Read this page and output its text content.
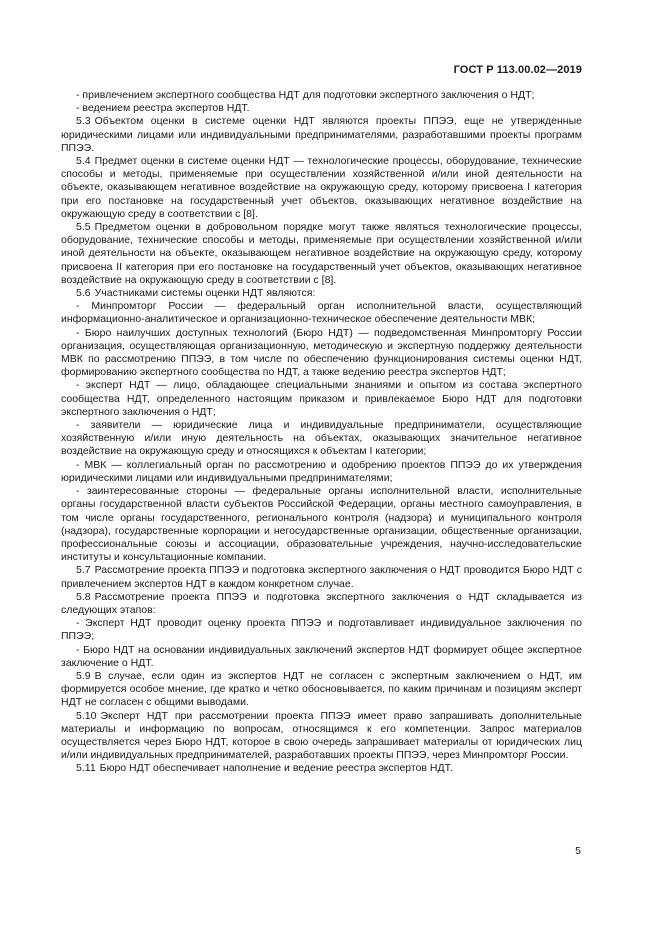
ГОСТ Р 113.00.02—2019

- привлечением экспертного сообщества НДТ для подготовки экспертного заключения о НДТ;

- ведением реестра экспертов НДТ.

5.3 Объектом оценки в системе оценки НДТ являются проекты ППЭЭ, еще не утвержденные юридическими лицами или индивидуальными предпринимателями, разработавшими проекты программ ППЭЭ.

5.4 Предмет оценки в системе оценки НДТ — технологические процессы, оборудование, технические способы и методы, применяемые при осуществлении хозяйственной и/или иной деятельности на объекте, оказывающем негативное воздействие на окружающую среду, которому присвоена I категория при его постановке на государственный учет объектов, оказывающих негативное воздействие на окружающую среду в соответствии с [8].

5.5 Предметом оценки в добровольном порядке могут также являться технологические процессы, оборудование, технические способы и методы, применяемые при осуществлении хозяйственной и/или иной деятельности на объекте, оказывающем негативное воздействие на окружающую среду, которому присвоена II категория при его постановке на государственный учет объектов, оказывающих негативное воздействие на окружающую среду в соответствии с [8].

5.6 Участниками системы оценки НДТ являются:

- Минпромторг России — федеральный орган исполнительной власти, осуществляющий информационно-аналитическое и организационно-техническое обеспечение деятельности МВК;

- Бюро наилучших доступных технологий (Бюро НДТ) — подведомственная Минпромторгу России организация, осуществляющая организационную, методическую и экспертную поддержку деятельности МВК по рассмотрению ППЭЭ, в том числе по обеспечению функционирования системы оценки НДТ, формированию экспертного сообщества по НДТ, а также ведению реестра экспертов НДТ;

- эксперт НДТ — лицо, обладающее специальными знаниями и опытом из состава экспертного сообщества НДТ, определенного настоящим приказом и привлекаемое Бюро НДТ для подготовки экспертного заключения о НДТ;

- заявители — юридические лица и индивидуальные предприниматели, осуществляющие хозяйственную и/или иную деятельность на объектах, оказывающих значительное негативное воздействие на окружающую среду и относящихся к объектам I категории;

- МВК — коллегиальный орган по рассмотрению и одобрению проектов ППЭЭ до их утверждения юридическими лицами или индивидуальными предпринимателями;

- заинтересованные стороны — федеральные органы исполнительной власти, исполнительные органы государственной власти субъектов Российской Федерации, органы местного самоуправления, в том числе органы государственного, регионального контроля (надзора) и муниципального контроля (надзора), государственные корпорации и негосударственные организации, общественные организации, профессиональные союзы и ассоциации, образовательные учреждения, научно-исследовательские институты и консультационные компании.

5.7 Рассмотрение проекта ППЭЭ и подготовка экспертного заключения о НДТ проводится Бюро НДТ с привлечением экспертов НДТ в каждом конкретном случае.

5.8 Рассмотрение проекта ППЭЭ и подготовка экспертного заключения о НДТ складывается из следующих этапов:

- Эксперт НДТ проводит оценку проекта ППЭЭ и подготавливает индивидуальное заключения по ППЭЭ;

- Бюро НДТ на основании индивидуальных заключений экспертов НДТ формирует общее экспертное заключение о НДТ.

5.9 В случае, если один из экспертов НДТ не согласен с экспертным заключением о НДТ, им формируется особое мнение, где кратко и четко обосновывается, по каким причинам и позициям эксперт НДТ не согласен с общими выводами.

5.10 Эксперт НДТ при рассмотрении проекта ППЭЭ имеет право запрашивать дополнительные материалы и информацию по вопросам, относящимся к его компетенции. Запрос материалов осуществляется через Бюро НДТ, которое в свою очередь запрашивает материалы от юридических лиц и/или индивидуальных предпринимателей, разработавших проекты ППЭЭ, через Минпромторг России.

5.11 Бюро НДТ обеспечивает наполнение и ведение реестра экспертов НДТ.

5
